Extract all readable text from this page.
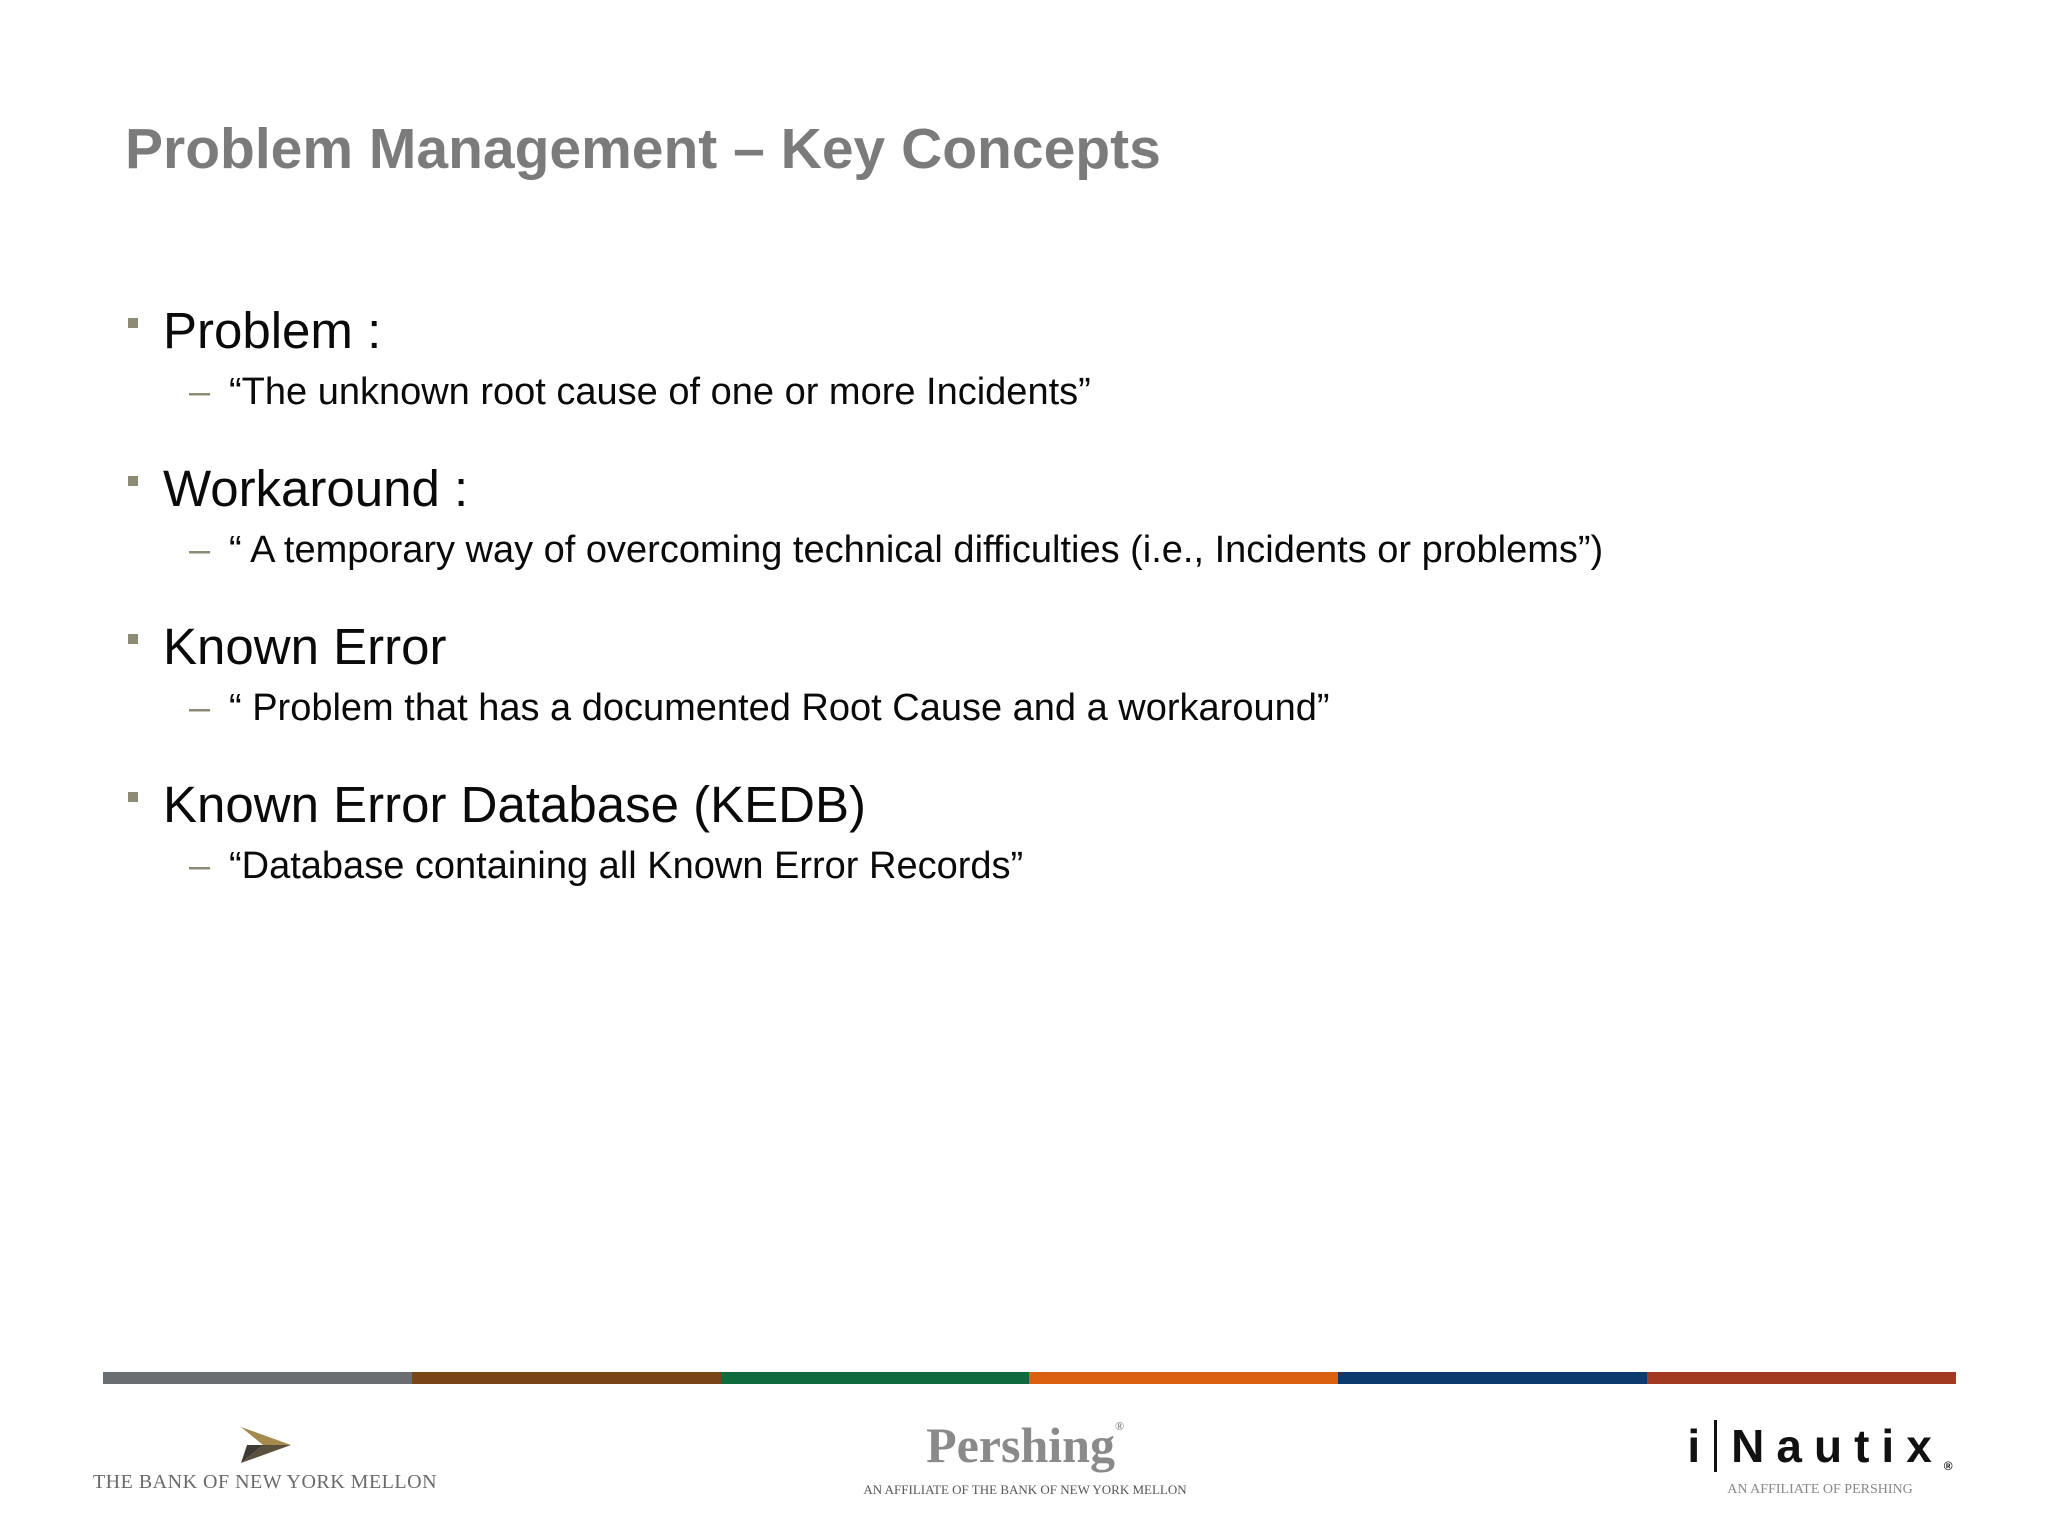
Problem Management – Key Concepts
Problem :
– “The unknown root cause of one or more Incidents”
Workaround :
– “ A temporary way of overcoming technical difficulties (i.e., Incidents or problems”)
Known Error
– “ Problem that has a documented Root Cause and a workaround”
Known Error Database (KEDB)
– “Database containing all Known Error Records”
THE BANK OF NEW YORK MELLON
Pershing®
AN AFFILIATE OF THE BANK OF NEW YORK MELLON
i N a u t i x ®
AN AFFILIATE OF PERSHING
